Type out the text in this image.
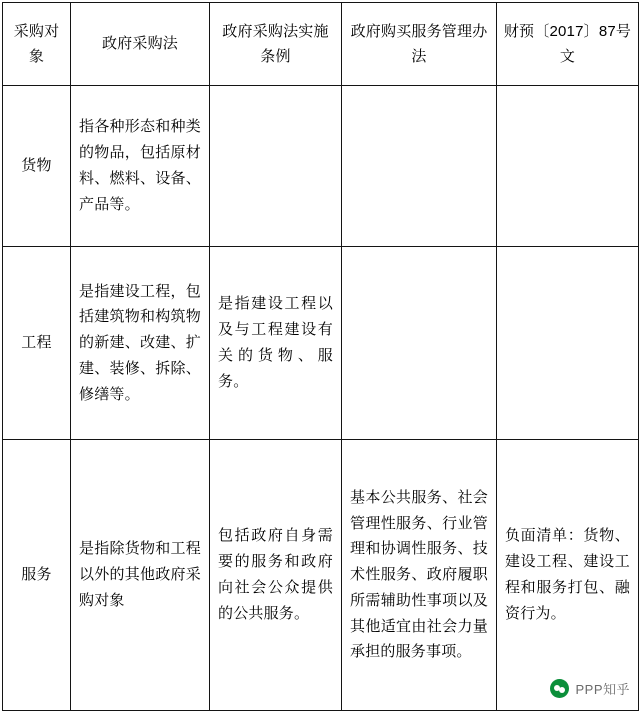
采购对象	政府采购法	政府采购法实施条例	政府购买服务管理办法	财预〔2017〕87号文
货物	指各种形态和种类的物品，包括原材料、燃料、设备、产品等。			
工程	是指建设工程，包括建筑物和构筑物的新建、改建、扩建、装修、拆除、修缮等。	是指建设工程以及与工程建设有关的货物、服务。		
服务	是指除货物和工程以外的其他政府采购对象	包括政府自身需要的服务和政府向社会公众提供的公共服务。	基本公共服务、社会管理性服务、行业管理和协调性服务、技术性服务、政府履职所需辅助性事项以及其他适宜由社会力量承担的服务事项。	负面清单：货物、建设工程、建设工程和服务打包、融资行为。
PPP知乎
